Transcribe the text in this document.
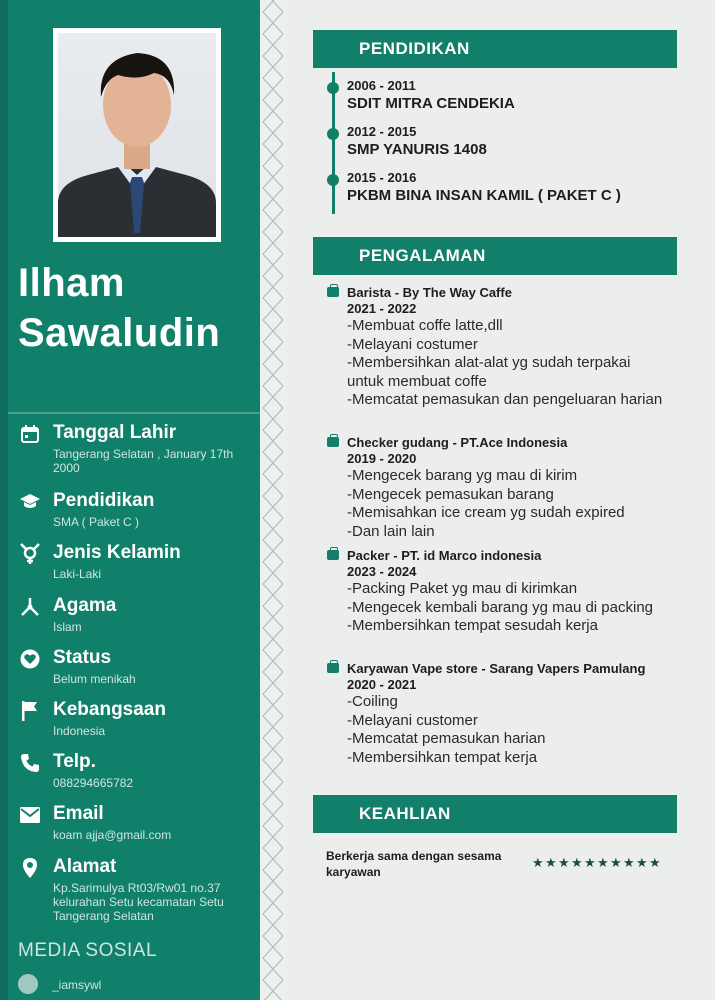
Ilham
Sawaludin
Tanggal Lahir
Tangerang Selatan , January 17th 2000
Pendidikan
SMA ( Paket C )
Jenis Kelamin
Laki-Laki
Agama
Islam
Status
Belum menikah
Kebangsaan
Indonesia
Telp.
088294665782
Email
koam ajja@gmail.com
Alamat
Kp.Sarimulya Rt03/Rw01 no.37 kelurahan Setu kecamatan Setu Tangerang Selatan
MEDIA SOSIAL
_iamsywl
PENDIDIKAN
2006 - 2011
SDIT MITRA CENDEKIA
2012 - 2015
SMP YANURIS 1408
2015 - 2016
PKBM BINA INSAN KAMIL ( PAKET C )
PENGALAMAN
Barista - By The Way Caffe
2021 - 2022
-Membuat coffe latte,dll
-Melayani costumer
-Membersihkan alat-alat yg sudah terpakai untuk membuat coffe
-Memcatat pemasukan dan pengeluaran harian
Checker gudang - PT.Ace Indonesia
2019 - 2020
-Mengecek barang yg mau di kirim
-Mengecek pemasukan barang
-Memisahkan ice cream yg sudah expired
-Dan lain lain
Packer - PT. id Marco indonesia
2023 - 2024
-Packing Paket yg mau di kirimkan
-Mengecek kembali barang yg mau di packing
-Membersihkan tempat sesudah kerja
Karyawan Vape store - Sarang Vapers Pamulang
2020 - 2021
-Coiling
-Melayani customer
-Memcatat pemasukan harian
-Membersihkan tempat kerja
KEAHLIAN
Berkerja sama dengan sesama karyawan
★ ★ ★ ★ ★ ★ ★ ★ ★ ★
